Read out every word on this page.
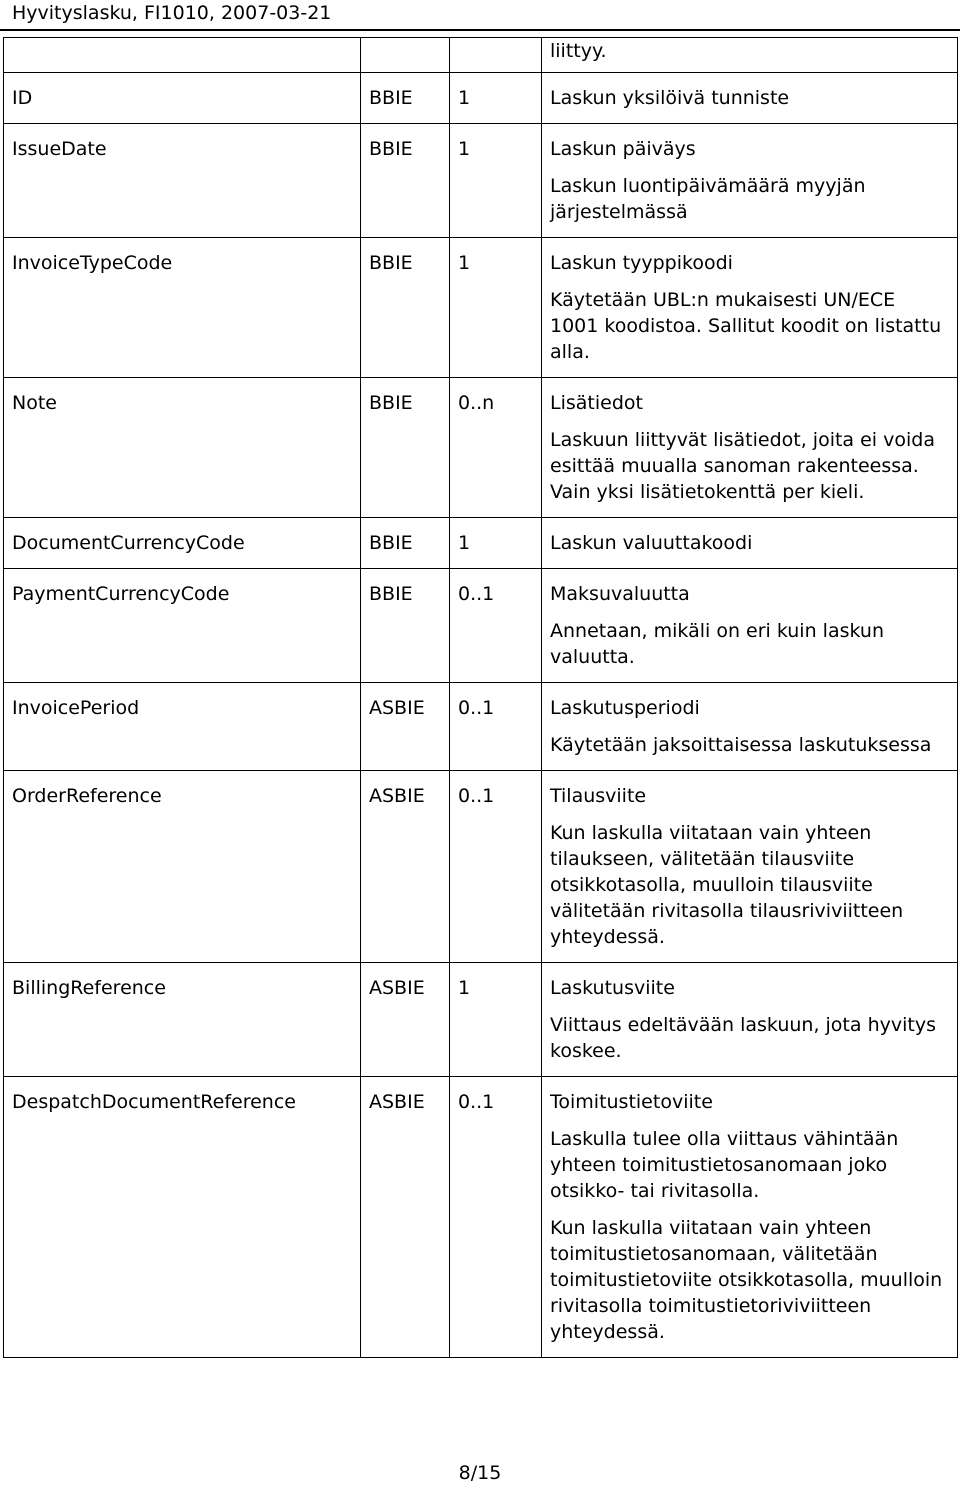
Hyvityslasku, FI1010, 2007-03-21

			liittyy.

ID	BBIE	1	Laskun yksilöivä tunniste

IssueDate	BBIE	1	Laskun päiväys
Laskun luontipäivämäärä myyjän järjestelmässä

InvoiceTypeCode	BBIE	1	Laskun tyyppikoodi
Käytetään UBL:n mukaisesti UN/ECE 1001 koodistoa. Sallitut koodit on listattu alla.

Note	BBIE	0..n	Lisätiedot
Laskuun liittyvät lisätiedot, joita ei voida esittää muualla sanoman rakenteessa. Vain yksi lisätietokenttä per kieli.

DocumentCurrencyCode	BBIE	1	Laskun valuuttakoodi

PaymentCurrencyCode	BBIE	0..1	Maksuvaluutta
Annetaan, mikäli on eri kuin laskun valuutta.

InvoicePeriod	ASBIE	0..1	Laskutusperiodi
Käytetään jaksoittaisessa laskutuksessa

OrderReference	ASBIE	0..1	Tilausviite
Kun laskulla viitataan vain yhteen tilaukseen, välitetään tilausviite otsikkotasolla, muulloin tilausviite välitetään rivitasolla tilausriviviitteen yhteydessä.

BillingReference	ASBIE	1	Laskutusviite
Viittaus edeltävään laskuun, jota hyvitys koskee.

DespatchDocumentReference	ASBIE	0..1	Toimitustietoviite
Laskulla tulee olla viittaus vähintään yhteen toimitustietosanomaan joko otsikko- tai rivitasolla.
Kun laskulla viitataan vain yhteen toimitustietosanomaan, välitetään toimitustietoviite otsikkotasolla, muulloin rivitasolla toimitustietoriviviitteen yhteydessä.
8/15
